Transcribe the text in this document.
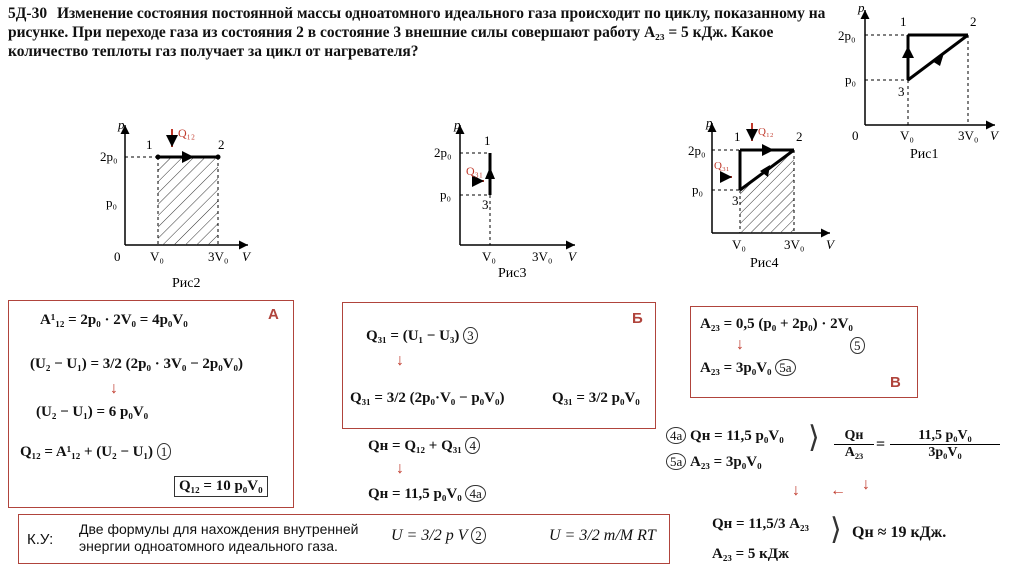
5Д-30 Изменение состояния постоянной массы одноатомного идеального газа происходит по циклу, показанному на рисунке. При переходе газа из состояния 2 в состояние 3 внешние силы совершают работу A₂₃ = 5 кДж. Какое количество теплоты газ получает за цикл от нагревателя?
p
V
0
2p₀
p₀
V₀	3V₀
1	2
3
Рис1
p
V
0
2p₀
p₀
V₀	3V₀
1	2
Q₁₂
Рис2
p
V
2p₀
p₀
V₀	3V₀
1
3
Q₃₁
Рис3
p
V
2p₀
p₀
V₀	3V₀
1	2
3
Q₁₂
Q₃₁
Рис4
А
A¹₁₂ = 2p₀ · 2V₀ = 4p₀V₀
(U₂ − U₁) = 3/2 (2p₀ · 3V₀ − 2p₀V₀)
↓
(U₂ − U₁) = 6 p₀V₀
Q₁₂ = A¹₁₂ + (U₂ − U₁) 1
Q₁₂ = 10 p₀V₀
Б
Q₃₁ = (U₁ − U₃) 3
↓
Q₃₁ = 3/2 (2p₀·V₀ − p₀V₀)	Q₃₁ = 3/2 p₀V₀
Qн = Q₁₂ + Q₃₁ 4
↓
Qн = 11,5 p₀V₀ 4а
В
A₂₃ = 0,5 (p₀ + 2p₀) · 2V₀
5
↓
A₂₃ = 3p₀V₀ 5а
4а Qн = 11,5 p₀V₀
5а A₂₃ = 3p₀V₀
⟩	Qн
$A_{23} = \frac{\text{11,5 p₀V₀}}{\text{3p₀V₀}}$
↓ ← ↓
Qн = 11,5/3 A₂₃
A₂₃ = 5 кДж
⟩ Qн ≈ 19 кДж.
К.У:
Две формулы для нахождения внутренней энергии одноатомного идеального газа.
U = 3/2 p V 2	U = 3/2 m/M RT
